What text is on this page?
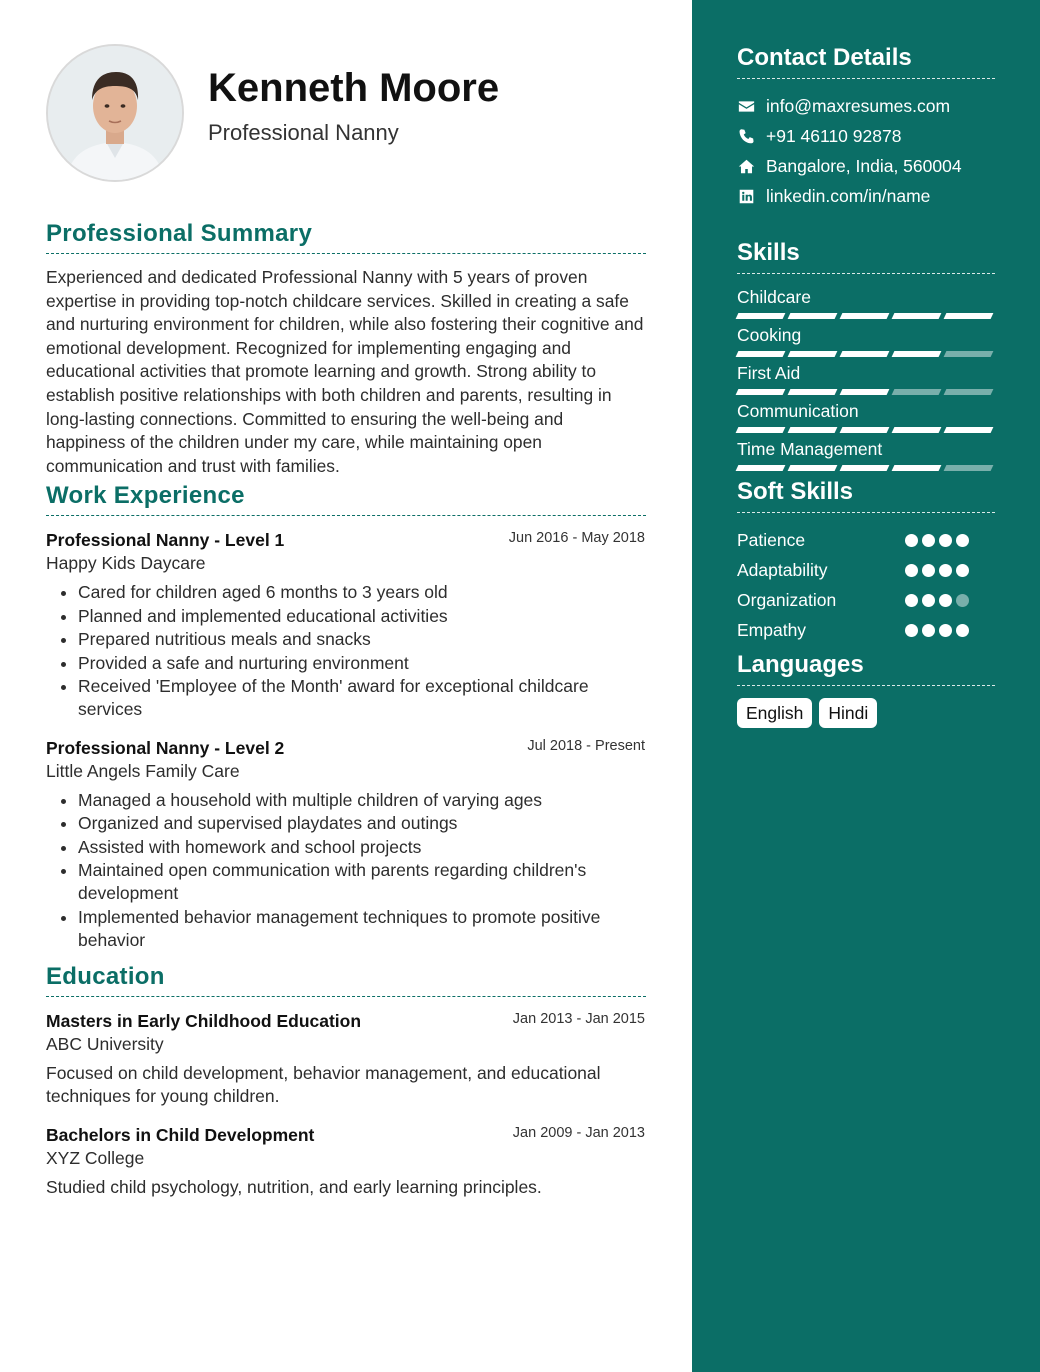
Kenneth Moore
Professional Nanny
Professional Summary
Experienced and dedicated Professional Nanny with 5 years of proven expertise in providing top-notch childcare services. Skilled in creating a safe and nurturing environment for children, while also fostering their cognitive and emotional development. Recognized for implementing engaging and educational activities that promote learning and growth. Strong ability to establish positive relationships with both children and parents, resulting in long-lasting connections. Committed to ensuring the well-being and happiness of the children under my care, while maintaining open communication and trust with families.
Work Experience
Professional Nanny - Level 1	Jun 2016 - May 2018
Happy Kids Daycare
• Cared for children aged 6 months to 3 years old
• Planned and implemented educational activities
• Prepared nutritious meals and snacks
• Provided a safe and nurturing environment
• Received 'Employee of the Month' award for exceptional childcare services
Professional Nanny - Level 2	Jul 2018 - Present
Little Angels Family Care
• Managed a household with multiple children of varying ages
• Organized and supervised playdates and outings
• Assisted with homework and school projects
• Maintained open communication with parents regarding children's development
• Implemented behavior management techniques to promote positive behavior
Education
Masters in Early Childhood Education	Jan 2013 - Jan 2015
ABC University
Focused on child development, behavior management, and educational techniques for young children.
Bachelors in Child Development	Jan 2009 - Jan 2013
XYZ College
Studied child psychology, nutrition, and early learning principles.
Contact Details
info@maxresumes.com
+91 46110 92878
Bangalore, India, 560004
linkedin.com/in/name
Skills
Childcare
Cooking
First Aid
Communication
Time Management
Soft Skills
Patience
Adaptability
Organization
Empathy
Languages
English	Hindi
